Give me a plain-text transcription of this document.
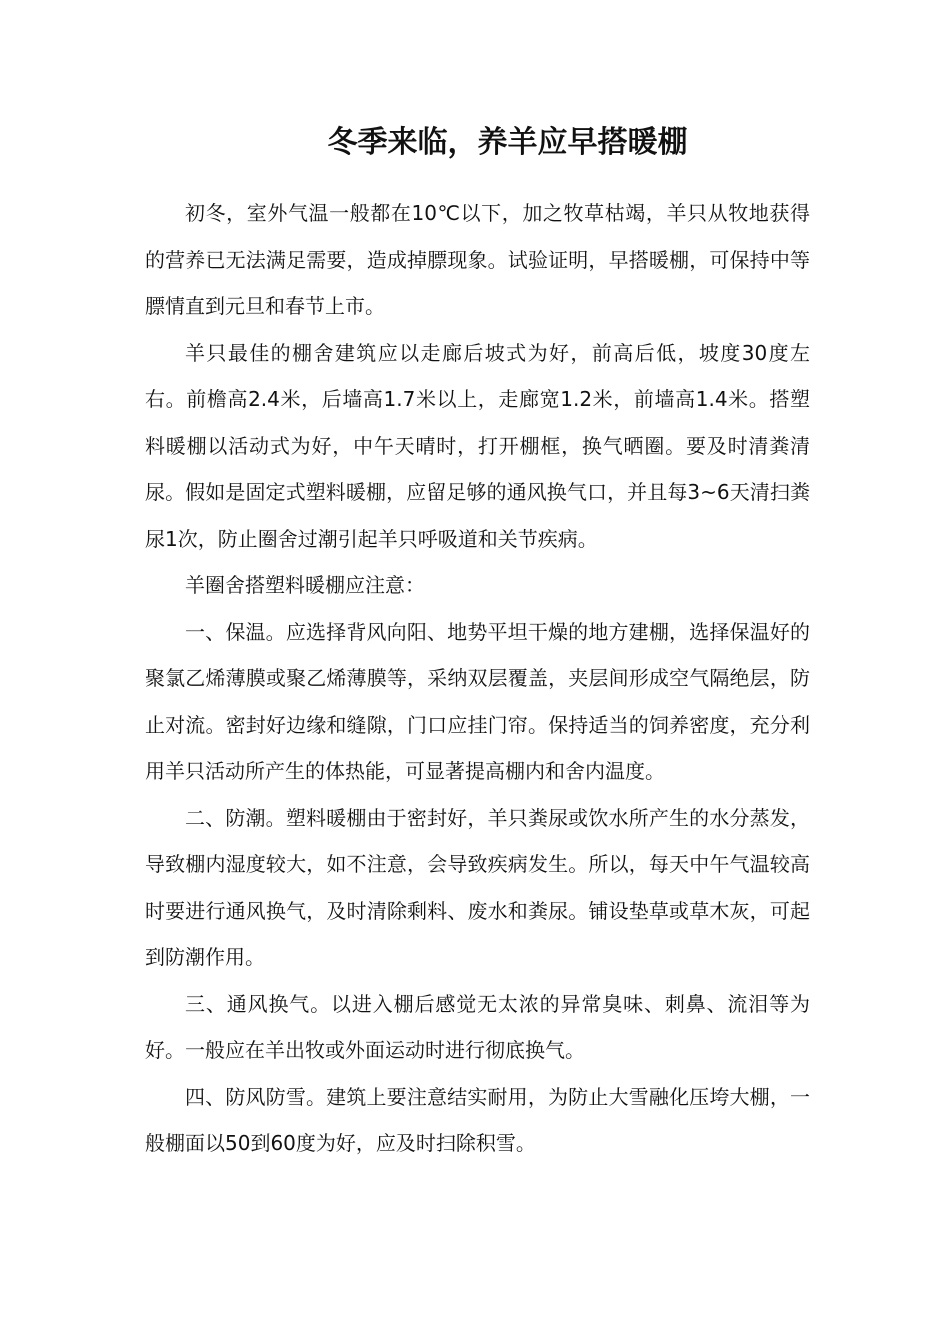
冬季来临，养羊应早搭暖棚

初冬，室外气温一般都在10℃以下，加之牧草枯竭，羊只从牧地获得的营养已无法满足需要，造成掉膘现象。试验证明，早搭暖棚，可保持中等膘情直到元旦和春节上市。

羊只最佳的棚舍建筑应以走廊后坡式为好，前高后低，坡度30度左右。前檐高2.4米，后墙高1.7米以上，走廊宽1.2米，前墙高1.4米。搭塑料暖棚以活动式为好，中午天晴时，打开棚框，换气晒圈。要及时清粪清尿。假如是固定式塑料暖棚，应留足够的通风换气口，并且每3~6天清扫粪尿1次，防止圈舍过潮引起羊只呼吸道和关节疾病。

羊圈舍搭塑料暖棚应注意：

一、保温。应选择背风向阳、地势平坦干燥的地方建棚，选择保温好的聚氯乙烯薄膜或聚乙烯薄膜等，采纳双层覆盖，夹层间形成空气隔绝层，防止对流。密封好边缘和缝隙，门口应挂门帘。保持适当的饲养密度，充分利用羊只活动所产生的体热能，可显著提高棚内和舍内温度。

二、防潮。塑料暖棚由于密封好，羊只粪尿或饮水所产生的水分蒸发，导致棚内湿度较大，如不注意，会导致疾病发生。所以，每天中午气温较高时要进行通风换气，及时清除剩料、废水和粪尿。铺设垫草或草木灰，可起到防潮作用。

三、通风换气。以进入棚后感觉无太浓的异常臭味、刺鼻、流泪等为好。一般应在羊出牧或外面运动时进行彻底换气。

四、防风防雪。建筑上要注意结实耐用，为防止大雪融化压垮大棚，一般棚面以50到60度为好，应及时扫除积雪。
